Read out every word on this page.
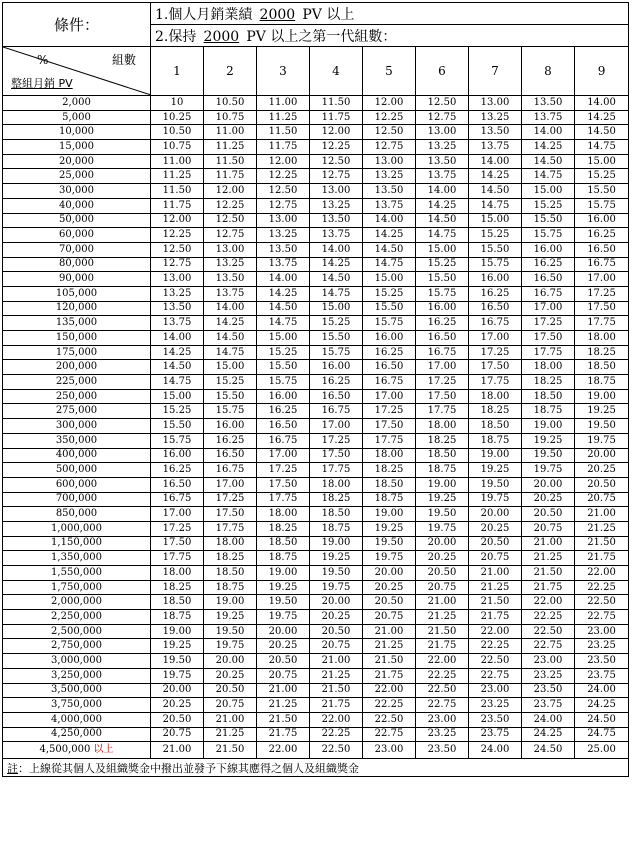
條件：	1.個人月銷業績 2000 PV 以上								
	2.保持 2000 PV 以上之第一代組數：								

% 組數
整組月銷 PV	1	2	3	4	5	6	7	8	9
2,000	10	10.50	11.00	11.50	12.00	12.50	13.00	13.50	14.00
5,000	10.25	10.75	11.25	11.75	12.25	12.75	13.25	13.75	14.25
10,000	10.50	11.00	11.50	12.00	12.50	13.00	13.50	14.00	14.50
15,000	10.75	11.25	11.75	12.25	12.75	13.25	13.75	14.25	14.75
20,000	11.00	11.50	12.00	12.50	13.00	13.50	14.00	14.50	15.00
25,000	11.25	11.75	12.25	12.75	13.25	13.75	14.25	14.75	15.25
30,000	11.50	12.00	12.50	13.00	13.50	14.00	14.50	15.00	15.50
40,000	11.75	12.25	12.75	13.25	13.75	14.25	14.75	15.25	15.75
50,000	12.00	12.50	13.00	13.50	14.00	14.50	15.00	15.50	16.00
60,000	12.25	12.75	13.25	13.75	14.25	14.75	15.25	15.75	16.25
70,000	12.50	13.00	13.50	14.00	14.50	15.00	15.50	16.00	16.50
80,000	12.75	13.25	13.75	14.25	14.75	15.25	15.75	16.25	16.75
90,000	13.00	13.50	14.00	14.50	15.00	15.50	16.00	16.50	17.00
105,000	13.25	13.75	14.25	14.75	15.25	15.75	16.25	16.75	17.25
120,000	13.50	14.00	14.50	15.00	15.50	16.00	16.50	17.00	17.50
135,000	13.75	14.25	14.75	15.25	15.75	16.25	16.75	17.25	17.75
150,000	14.00	14.50	15.00	15.50	16.00	16.50	17.00	17.50	18.00
175,000	14.25	14.75	15.25	15.75	16.25	16.75	17.25	17.75	18.25
200,000	14.50	15.00	15.50	16.00	16.50	17.00	17.50	18.00	18.50
225,000	14.75	15.25	15.75	16.25	16.75	17.25	17.75	18.25	18.75
250,000	15.00	15.50	16.00	16.50	17.00	17.50	18.00	18.50	19.00
275,000	15.25	15.75	16.25	16.75	17.25	17.75	18.25	18.75	19.25
300,000	15.50	16.00	16.50	17.00	17.50	18.00	18.50	19.00	19.50
350,000	15.75	16.25	16.75	17.25	17.75	18.25	18.75	19.25	19.75
400,000	16.00	16.50	17.00	17.50	18.00	18.50	19.00	19.50	20.00
500,000	16.25	16.75	17.25	17.75	18.25	18.75	19.25	19.75	20.25
600,000	16.50	17.00	17.50	18.00	18.50	19.00	19.50	20.00	20.50
700,000	16.75	17.25	17.75	18.25	18.75	19.25	19.75	20.25	20.75
850,000	17.00	17.50	18.00	18.50	19.00	19.50	20.00	20.50	21.00
1,000,000	17.25	17.75	18.25	18.75	19.25	19.75	20.25	20.75	21.25
1,150,000	17.50	18.00	18.50	19.00	19.50	20.00	20.50	21.00	21.50
1,350,000	17.75	18.25	18.75	19.25	19.75	20.25	20.75	21.25	21.75
1,550,000	18.00	18.50	19.00	19.50	20.00	20.50	21.00	21.50	22.00
1,750,000	18.25	18.75	19.25	19.75	20.25	20.75	21.25	21.75	22.25
2,000,000	18.50	19.00	19.50	20.00	20.50	21.00	21.50	22.00	22.50
2,250,000	18.75	19.25	19.75	20.25	20.75	21.25	21.75	22.25	22.75
2,500,000	19.00	19.50	20.00	20.50	21.00	21.50	22.00	22.50	23.00
2,750,000	19.25	19.75	20.25	20.75	21.25	21.75	22.25	22.75	23.25
3,000,000	19.50	20.00	20.50	21.00	21.50	22.00	22.50	23.00	23.50
3,250,000	19.75	20.25	20.75	21.25	21.75	22.25	22.75	23.25	23.75
3,500,000	20.00	20.50	21.00	21.50	22.00	22.50	23.00	23.50	24.00
3,750,000	20.25	20.75	21.25	21.75	22.25	22.75	23.25	23.75	24.25
4,000,000	20.50	21.00	21.50	22.00	22.50	23.00	23.50	24.00	24.50
4,250,000	20.75	21.25	21.75	22.25	22.75	23.25	23.75	24.25	24.75
4,500,000 以上	21.00	21.50	22.00	22.50	23.00	23.50	24.00	24.50	25.00
註：上線從其個人及組織獎金中撥出並發予下線其應得之個人及組織獎金									
